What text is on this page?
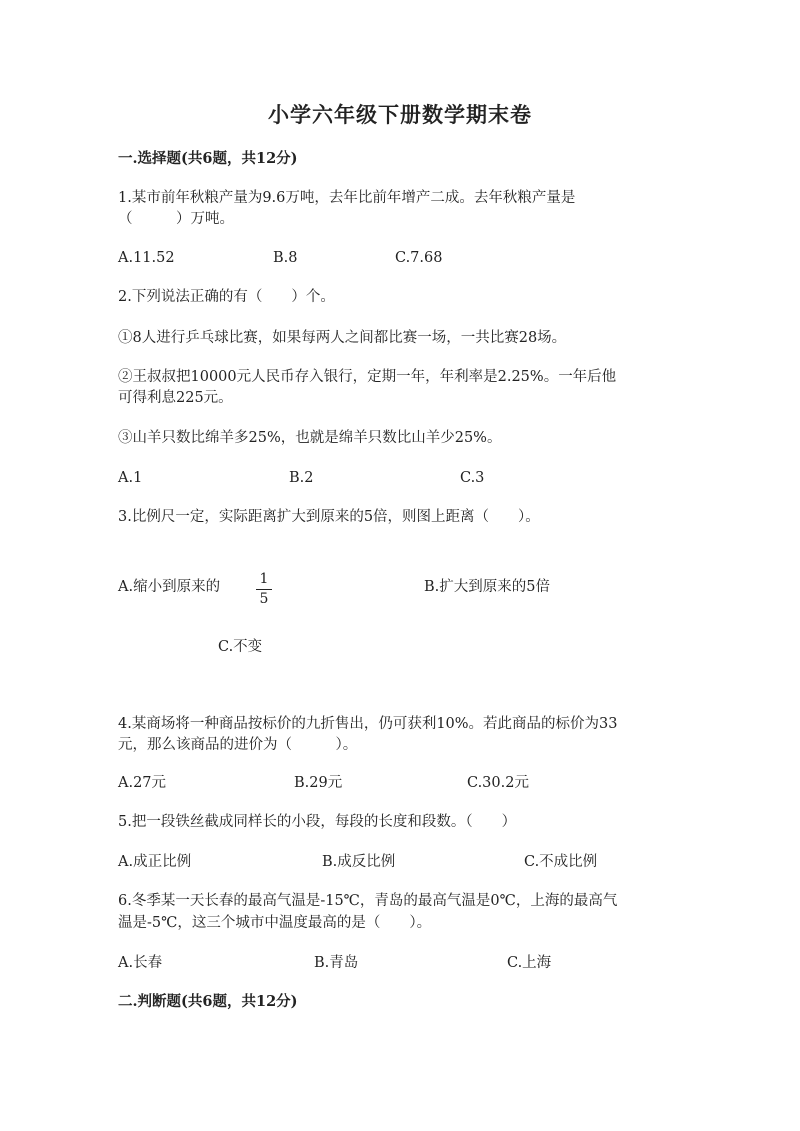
小学六年级下册数学期末卷
一.选择题(共6题，共12分)
1.某市前年秋粮产量为9.6万吨，去年比前年增产二成。去年秋粮产量是
（　　　）万吨。
A.11.52	B.8	C.7.68
2.下列说法正确的有（　　）个。
①8人进行乒乓球比赛，如果每两人之间都比赛一场，一共比赛28场。
②王叔叔把10000元人民币存入银行，定期一年，年利率是2.25%。一年后他
可得利息225元。
③山羊只数比绵羊多25%，也就是绵羊只数比山羊少25%。
A.1	B.2	C.3
3.比例尺一定，实际距离扩大到原来的5倍，则图上距离（　　）。
A.缩小到原来的	1
5
B.扩大到原来的5倍
C.不变
4.某商场将一种商品按标价的九折售出，仍可获利10%。若此商品的标价为33
元，那么该商品的进价为（　　　）。
A.27元	B.29元	C.30.2元
5.把一段铁丝截成同样长的小段，每段的长度和段数。（　　）
A.成正比例	B.成反比例	C.不成比例
6.冬季某一天长春的最高气温是-15℃，青岛的最高气温是0℃，上海的最高气
温是-5℃，这三个城市中温度最高的是（　　）。
A.长春	B.青岛	C.上海
二.判断题(共6题，共12分)
